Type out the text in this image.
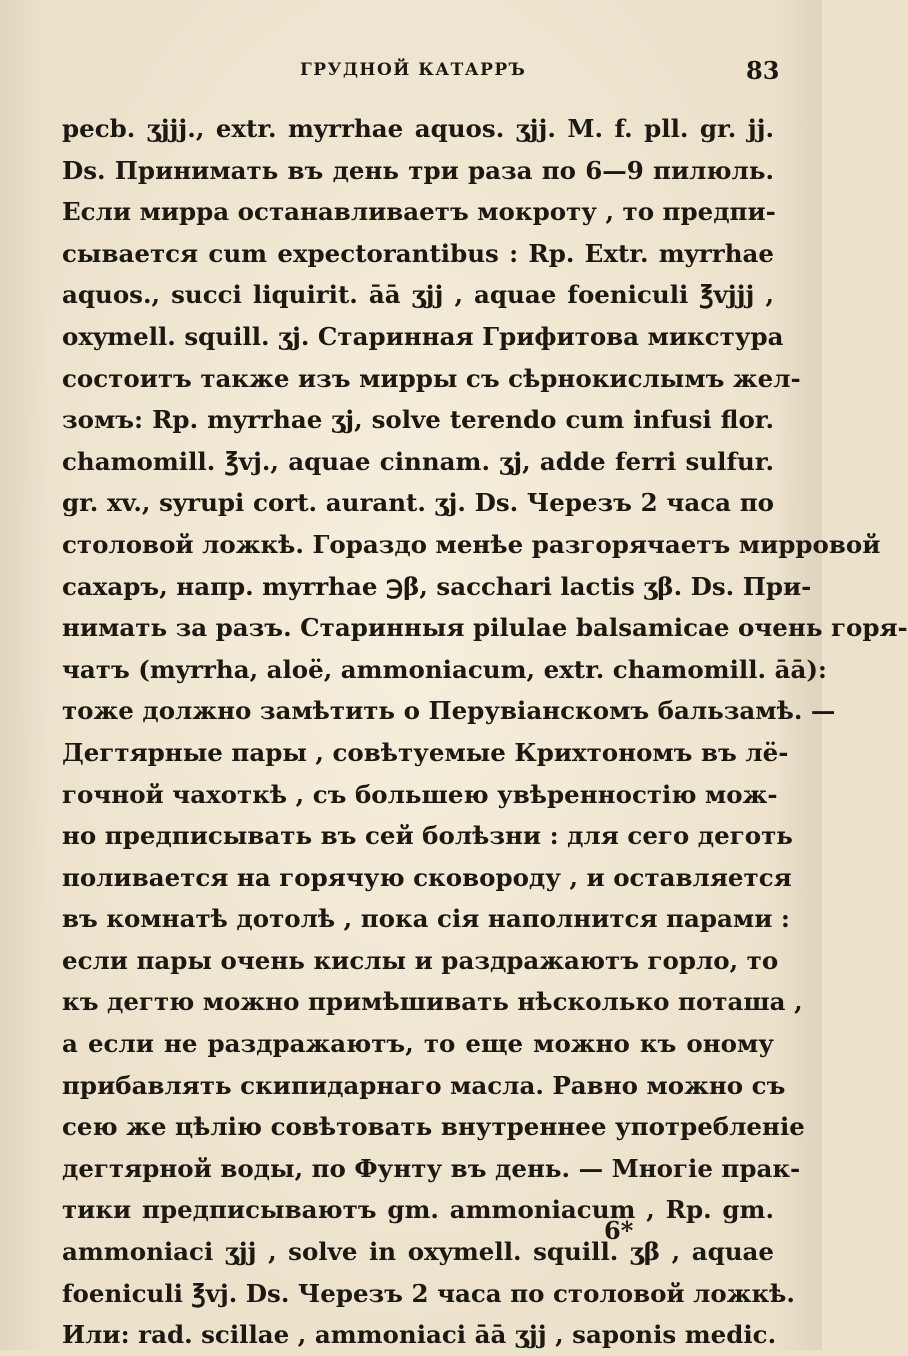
ГРУДНОЙ КАТАРРЪ	83
pecb. ʒjjj., extr. myrrhae aquos. ʒjj. M. f. pll. gr. jj.
Ds. Принимать въ день три раза по 6—9 пилюль.
Если мирра останавливаетъ мокроту , то предпи-
сывается cum expectorantibus : Rp. Extr. myrrhae
aquos., succi liquirit. āā ʒjj , aquae foeniculi ℥vjjj ,
oxymell. squill. ʒj. Старинная Грифитова микстура
состоитъ также изъ мирры съ сѣрнокислымъ жел-
зомъ: Rp. myrrhae ʒj, solve terendo cum infusi flor.
chamomill. ℥vj., aquae cinnam. ʒj, adde ferri sulfur.
gr. xv., syrupi cort. aurant. ʒj. Ds. Черезъ 2 часа по
столовой ложкѣ. Гораздо менѣе разгорячаетъ мирровой
сахаръ, напр. myrrhae ℈β, sacchari lactis ʒβ. Ds. При-
нимать за разъ. Старинныя pilulae balsamicae очень горя-
чатъ (myrrha, aloë, ammoniacum, extr. chamomill. āā):
тоже должно замѣтить о Перувіанскомъ бальзамѣ. —
Дегтярные пары , совѣтуемые Крихтономъ въ лё-
гочной чахоткѣ , съ большею увѣренностію мож-
но предписывать въ сей болѣзни : для сего деготь
поливается на горячую сковороду , и оставляется
въ комнатѣ дотолѣ , пока сія наполнится парами :
если пары очень кислы и раздражаютъ горло, то
къ дегтю можно примѣшивать нѣсколько поташа ,
а если не раздражаютъ, то еще можно къ оному
прибавлять скипидарнаго масла. Равно можно съ
сею же цѣлію совѣтовать внутреннее употребленіе
дегтярной воды, по Фунту въ день. — Многіе прак-
тики предписываютъ gm. ammoniacum , Rp. gm.
ammoniaci ʒjj , solve in oxymell. squill. ʒβ , aquae
foeniculi ℥vj. Ds. Черезъ 2 часа по столовой ложкѣ.
Или: rad. scillae , ammoniaci āā ʒjj , saponis medic.
6*
